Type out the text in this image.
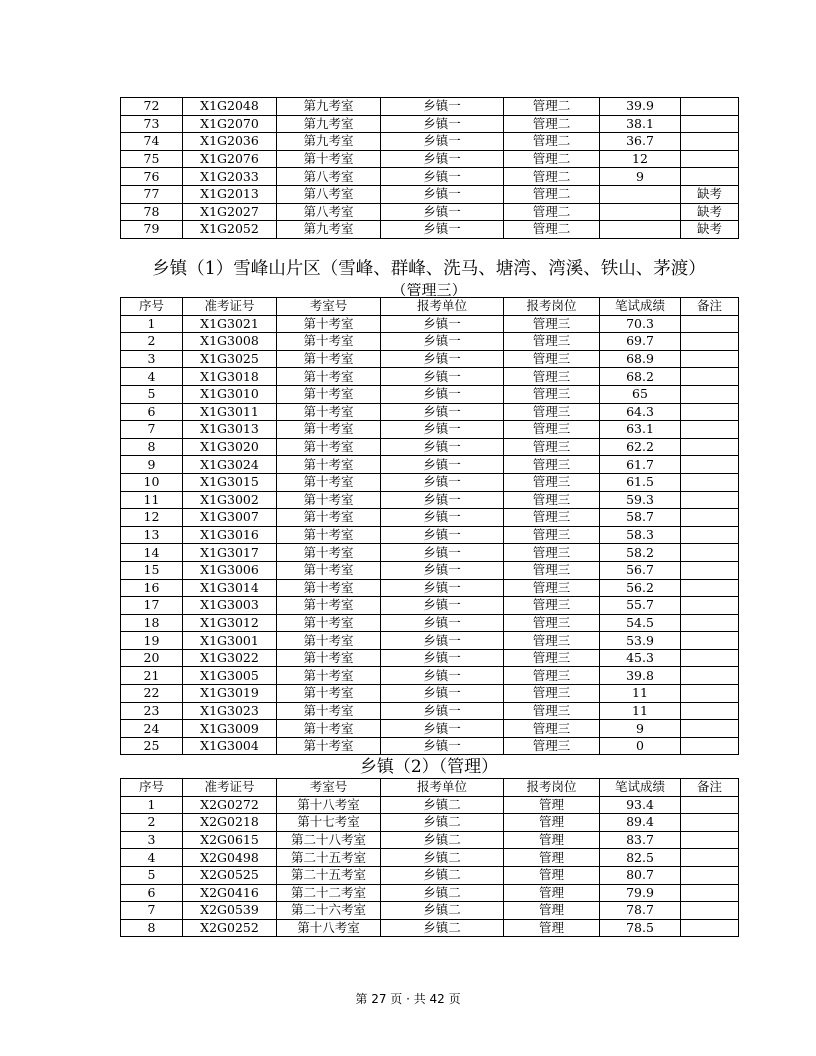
72	X1G2048	第九考室	乡镇一	管理二	39.9	
73	X1G2070	第九考室	乡镇一	管理二	38.1	
74	X1G2036	第九考室	乡镇一	管理二	36.7	
75	X1G2076	第十考室	乡镇一	管理二	12	
76	X1G2033	第八考室	乡镇一	管理二	9	
77	X1G2013	第八考室	乡镇一	管理二		缺考
78	X1G2027	第八考室	乡镇一	管理二		缺考
79	X1G2052	第九考室	乡镇一	管理二		缺考
乡镇（1）雪峰山片区（雪峰、群峰、洗马、塘湾、湾溪、铁山、茅渡）
（管理三）
序号	准考证号	考室号	报考单位	报考岗位	笔试成绩	备注
1	X1G3021	第十考室	乡镇一	管理三	70.3	
2	X1G3008	第十考室	乡镇一	管理三	69.7	
3	X1G3025	第十考室	乡镇一	管理三	68.9	
4	X1G3018	第十考室	乡镇一	管理三	68.2	
5	X1G3010	第十考室	乡镇一	管理三	65	
6	X1G3011	第十考室	乡镇一	管理三	64.3	
7	X1G3013	第十考室	乡镇一	管理三	63.1	
8	X1G3020	第十考室	乡镇一	管理三	62.2	
9	X1G3024	第十考室	乡镇一	管理三	61.7	
10	X1G3015	第十考室	乡镇一	管理三	61.5	
11	X1G3002	第十考室	乡镇一	管理三	59.3	
12	X1G3007	第十考室	乡镇一	管理三	58.7	
13	X1G3016	第十考室	乡镇一	管理三	58.3	
14	X1G3017	第十考室	乡镇一	管理三	58.2	
15	X1G3006	第十考室	乡镇一	管理三	56.7	
16	X1G3014	第十考室	乡镇一	管理三	56.2	
17	X1G3003	第十考室	乡镇一	管理三	55.7	
18	X1G3012	第十考室	乡镇一	管理三	54.5	
19	X1G3001	第十考室	乡镇一	管理三	53.9	
20	X1G3022	第十考室	乡镇一	管理三	45.3	
21	X1G3005	第十考室	乡镇一	管理三	39.8	
22	X1G3019	第十考室	乡镇一	管理三	11	
23	X1G3023	第十考室	乡镇一	管理三	11	
24	X1G3009	第十考室	乡镇一	管理三	9	
25	X1G3004	第十考室	乡镇一	管理三	0	
乡镇（2）（管理）
序号	准考证号	考室号	报考单位	报考岗位	笔试成绩	备注
1	X2G0272	第十八考室	乡镇二	管理	93.4	
2	X2G0218	第十七考室	乡镇二	管理	89.4	
3	X2G0615	第二十八考室	乡镇二	管理	83.7	
4	X2G0498	第二十五考室	乡镇二	管理	82.5	
5	X2G0525	第二十五考室	乡镇二	管理	80.7	
6	X2G0416	第二十二考室	乡镇二	管理	79.9	
7	X2G0539	第二十六考室	乡镇二	管理	78.7	
8	X2G0252	第十八考室	乡镇二	管理	78.5	
第 27 页 · 共 42 页
